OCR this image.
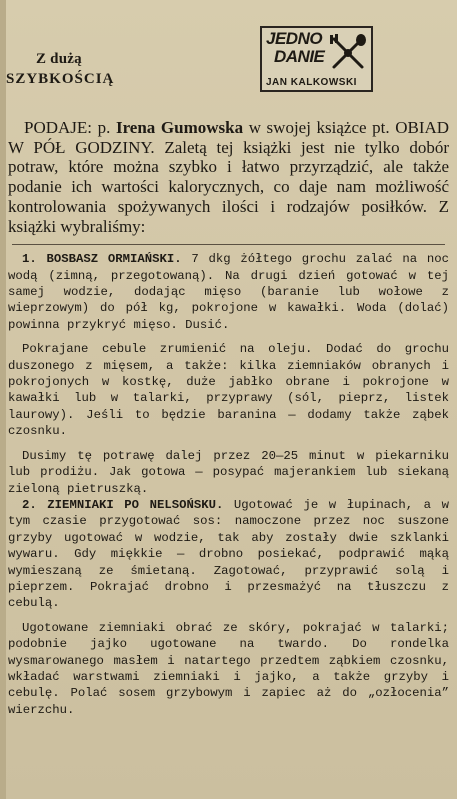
Z dużą
SZYBKOŚCIĄ
JEDNO
DANIE
JAN KALKOWSKI

PODAJE: p. Irena Gumowska w swojej książce pt. OBIAD W PÓŁ GODZINY. Zaletą tej książki jest nie tylko dobór potraw, które można szybko i łatwo przyrządzić, ale także podanie ich wartości kalorycznych, co daje nam możliwość kontrolowania spożywanych ilości i rodzajów posiłków. Z książki wybraliśmy:

1. BOSBASZ ORMIAŃSKI. 7 dkg żółtego grochu zalać na noc wodą (zimną, przegotowaną). Na drugi dzień gotować w tej samej wodzie, dodając mięso (baranie lub wołowe z wieprzowym) do pół kg, pokrojone w kawałki. Woda (dolać) powinna przykryć mięso. Dusić.

Pokrajane cebule zrumienić na oleju. Dodać do grochu duszonego z mięsem, a także: kilka ziemniaków obranych i pokrojonych w kostkę, duże jabłko obrane i pokrojone w kawałki lub w talarki, przyprawy (sól, pieprz, listek laurowy). Jeśli to będzie baranina — dodamy także ząbek czosnku.

Dusimy tę potrawę dalej przez 20—25 minut w piekarniku lub prodiżu. Jak gotowa — posypać majerankiem lub siekaną zieloną pietruszką.

2. ZIEMNIAKI PO NELSOŃSKU. Ugotować je w łupinach, a w tym czasie przygotować sos: namoczone przez noc suszone grzyby ugotować w wodzie, tak aby zostały dwie szklanki wywaru. Gdy miękkie — drobno posiekać, podprawić mąką wymieszaną ze śmietaną. Zagotować, przyprawić solą i pieprzem. Pokrajać drobno i przesmażyć na tłuszczu z cebulą.

Ugotowane ziemniaki obrać ze skóry, pokrajać w talarki; podobnie jajko ugotowane na twardo. Do rondelka wysmarowanego masłem i natartego przedtem ząbkiem czosnku, wkładać warstwami ziemniaki i jajko, a także grzyby i cebulę. Polać sosem grzybowym i zapiec aż do „ozłocenia” wierzchu.
